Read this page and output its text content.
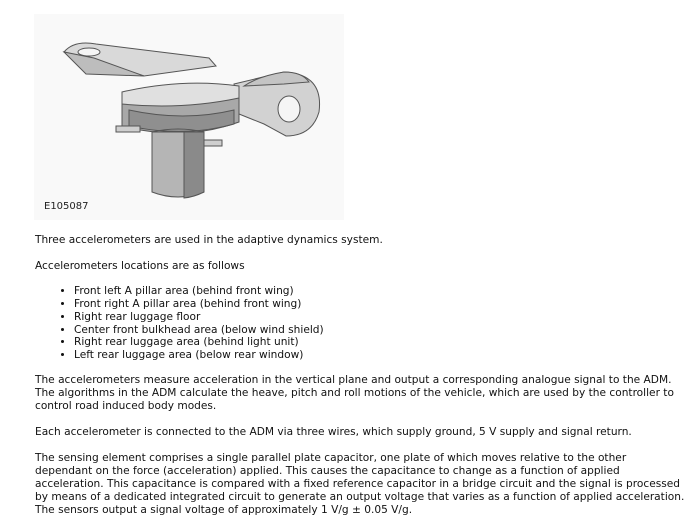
E105087

Three accelerometers are used in the adaptive dynamics system.

Accelerometers locations are as follows

• Front left A pillar area (behind front wing)
• Front right A pillar area (behind front wing)
• Right rear luggage floor
• Center front bulkhead area (below wind shield)
• Right rear luggage area (behind light unit)
• Left rear luggage area (below rear window)

The accelerometers measure acceleration in the vertical plane and output a corresponding analogue signal to the ADM. The algorithms in the ADM calculate the heave, pitch and roll motions of the vehicle, which are used by the controller to control road induced body modes.

Each accelerometer is connected to the ADM via three wires, which supply ground, 5 V supply and signal return.

The sensing element comprises a single parallel plate capacitor, one plate of which moves relative to the other dependant on the force (acceleration) applied. This causes the capacitance to change as a function of applied acceleration. This capacitance is compared with a fixed reference capacitor in a bridge circuit and the signal is processed by means of a dedicated integrated circuit to generate an output voltage that varies as a function of applied acceleration. The sensors output a signal voltage of approximately 1 V/g ± 0.05 V/g.
